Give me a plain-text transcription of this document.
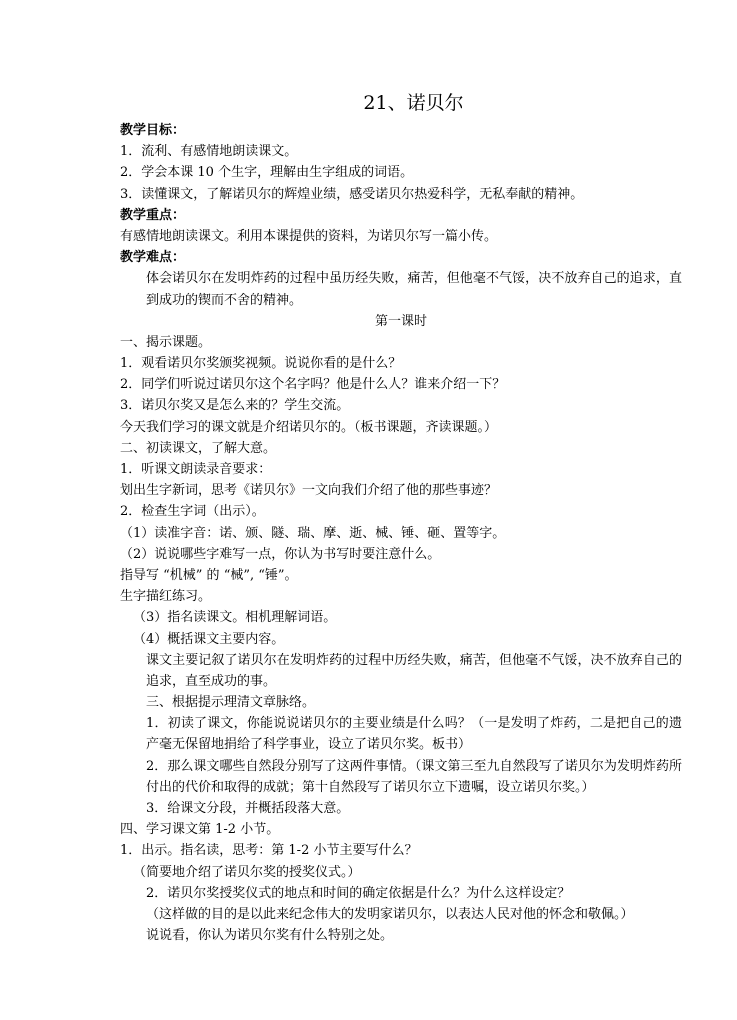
21、诺贝尔
教学目标：
1．流利、有感情地朗读课文。
2．学会本课 10 个生字，理解由生字组成的词语。
3．读懂课文，了解诺贝尔的辉煌业绩，感受诺贝尔热爱科学，无私奉献的精神。
教学重点：
有感情地朗读课文。利用本课提供的资料，为诺贝尔写一篇小传。
教学难点：
体会诺贝尔在发明炸药的过程中虽历经失败，痛苦，但他毫不气馁，决不放弃自己的追求，直到成功的锲而不舍的精神。
第一课时
一、揭示课题。
1．观看诺贝尔奖颁奖视频。说说你看的是什么？
2．同学们听说过诺贝尔这个名字吗？他是什么人？谁来介绍一下？
3．诺贝尔奖又是怎么来的？学生交流。
今天我们学习的课文就是介绍诺贝尔的。（板书课题，齐读课题。）
二、初读课文，了解大意。
1．听课文朗读录音要求：
划出生字新词，思考《诺贝尔》一文向我们介绍了他的那些事迹？
2．检查生字词（出示）。
（1）读准字音：诺、颁、隧、瑞、摩、逝、械、锤、砸、置等字。
（2）说说哪些字难写一点，你认为书写时要注意什么。
指导写 “机械” 的 “械”, “锤”。
生字描红练习。
（3）指名读课文。相机理解词语。
（4）概括课文主要内容。
课文主要记叙了诺贝尔在发明炸药的过程中历经失败，痛苦，但他毫不气馁，决不放弃自己的追求，直至成功的事。
三、根据提示理清文章脉络。
1．初读了课文，你能说说诺贝尔的主要业绩是什么吗？（一是发明了炸药，二是把自己的遗产毫无保留地捐给了科学事业，设立了诺贝尔奖。板书）
2．那么课文哪些自然段分别写了这两件事情。（课文第三至九自然段写了诺贝尔为发明炸药所付出的代价和取得的成就；第十自然段写了诺贝尔立下遗嘱，设立诺贝尔奖。）
3．给课文分段，并概括段落大意。
四、学习课文第 1-2 小节。
1．出示。指名读，思考：第 1-2 小节主要写什么？
（简要地介绍了诺贝尔奖的授奖仪式。）
2．诺贝尔奖授奖仪式的地点和时间的确定依据是什么？为什么这样设定？
（这样做的目的是以此来纪念伟大的发明家诺贝尔，以表达人民对他的怀念和敬佩。）
说说看，你认为诺贝尔奖有什么特别之处。
